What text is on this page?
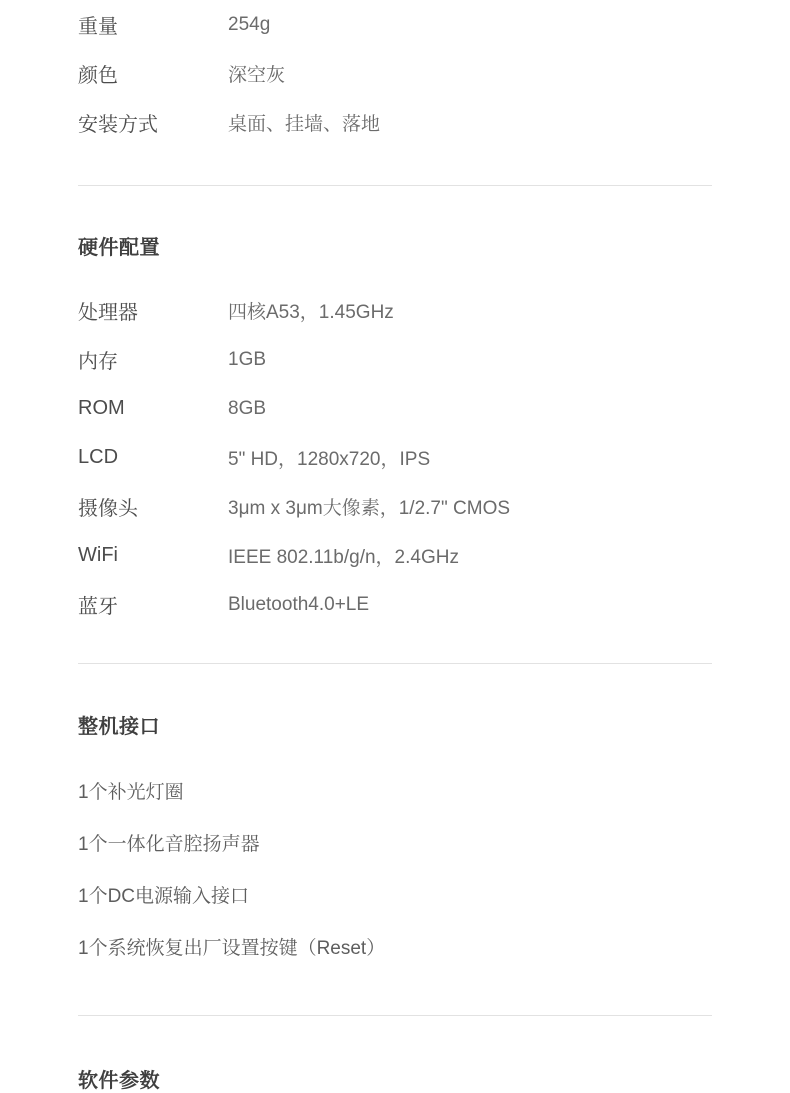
重量	254g
颜色	深空灰
安装方式	桌面、挂墙、落地
硬件配置
处理器	四核A53，1.45GHz
内存	1GB
ROM	8GB
LCD	5" HD，1280x720，IPS
摄像头	3μm x 3μm大像素，1/2.7" CMOS
WiFi	IEEE 802.11b/g/n，2.4GHz
蓝牙	Bluetooth4.0+LE
整机接口
1个补光灯圈
1个一体化音腔扬声器
1个DC电源输入接口
1个系统恢复出厂设置按键（Reset）
软件参数
